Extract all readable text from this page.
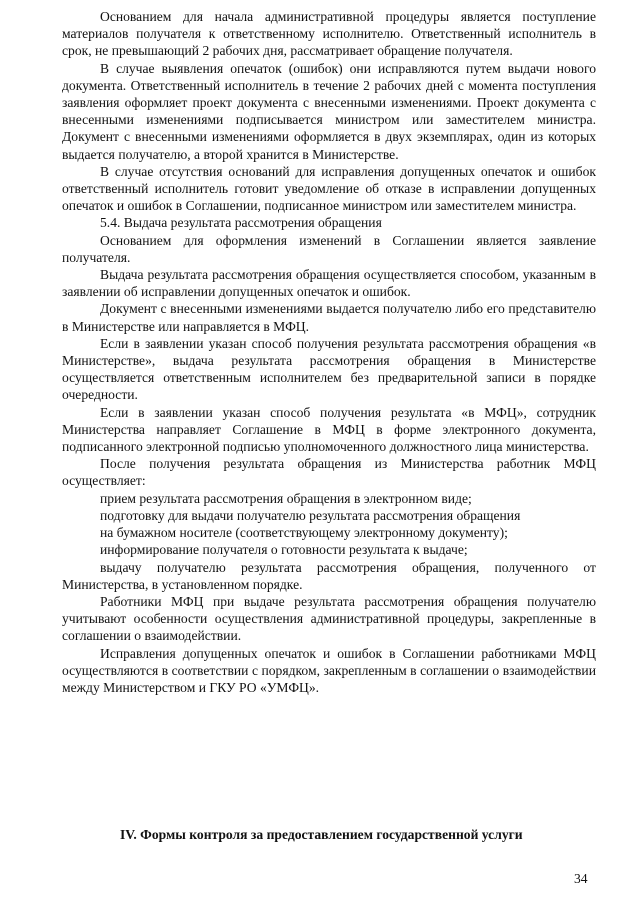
Основанием для начала административной процедуры является поступление материалов получателя к ответственному исполнителю. Ответственный исполнитель в срок, не превышающий 2 рабочих дня, рассматривает обращение получателя.

В случае выявления опечаток (ошибок) они исправляются путем выдачи нового документа. Ответственный исполнитель в течение 2 рабочих дней с момента поступления заявления оформляет проект документа с внесенными изменениями. Проект документа с внесенными изменениями подписывается министром или заместителем министра. Документ с внесенными изменениями оформляется в двух экземплярах, один из которых выдается получателю, а второй хранится в Министерстве.

В случае отсутствия оснований для исправления допущенных опечаток и ошибок ответственный исполнитель готовит уведомление об отказе в исправлении допущенных опечаток и ошибок в Соглашении, подписанное министром или заместителем министра.

5.4. Выдача результата рассмотрения обращения

Основанием для оформления изменений в Соглашении является заявление получателя.

Выдача результата рассмотрения обращения осуществляется способом, указанным в заявлении об исправлении допущенных опечаток и ошибок.

Документ с внесенными изменениями выдается получателю либо его представителю в Министерстве или направляется в МФЦ.

Если в заявлении указан способ получения результата рассмотрения обращения «в Министерстве», выдача результата рассмотрения обращения в Министерстве осуществляется ответственным исполнителем без предварительной записи в порядке очередности.

Если в заявлении указан способ получения результата «в МФЦ», сотрудник Министерства направляет Соглашение в МФЦ в форме электронного документа, подписанного электронной подписью уполномоченного должностного лица министерства.

После получения результата обращения из Министерства работник МФЦ осуществляет:

прием результата рассмотрения обращения в электронном виде;

подготовку для выдачи получателю результата рассмотрения обращения

на бумажном носителе (соответствующему электронному документу);

информирование получателя о готовности результата к выдаче;

выдачу получателю результата рассмотрения обращения, полученного от Министерства, в установленном порядке.

Работники МФЦ при выдаче результата рассмотрения обращения получателю учитывают особенности осуществления административной процедуры, закрепленные в соглашении о взаимодействии.

Исправления допущенных опечаток и ошибок в Соглашении работниками МФЦ осуществляются в соответствии с порядком, закрепленным в соглашении о взаимодействии между Министерством и ГКУ РО «УМФЦ».

IV. Формы контроля за предоставлением государственной услуги
34
